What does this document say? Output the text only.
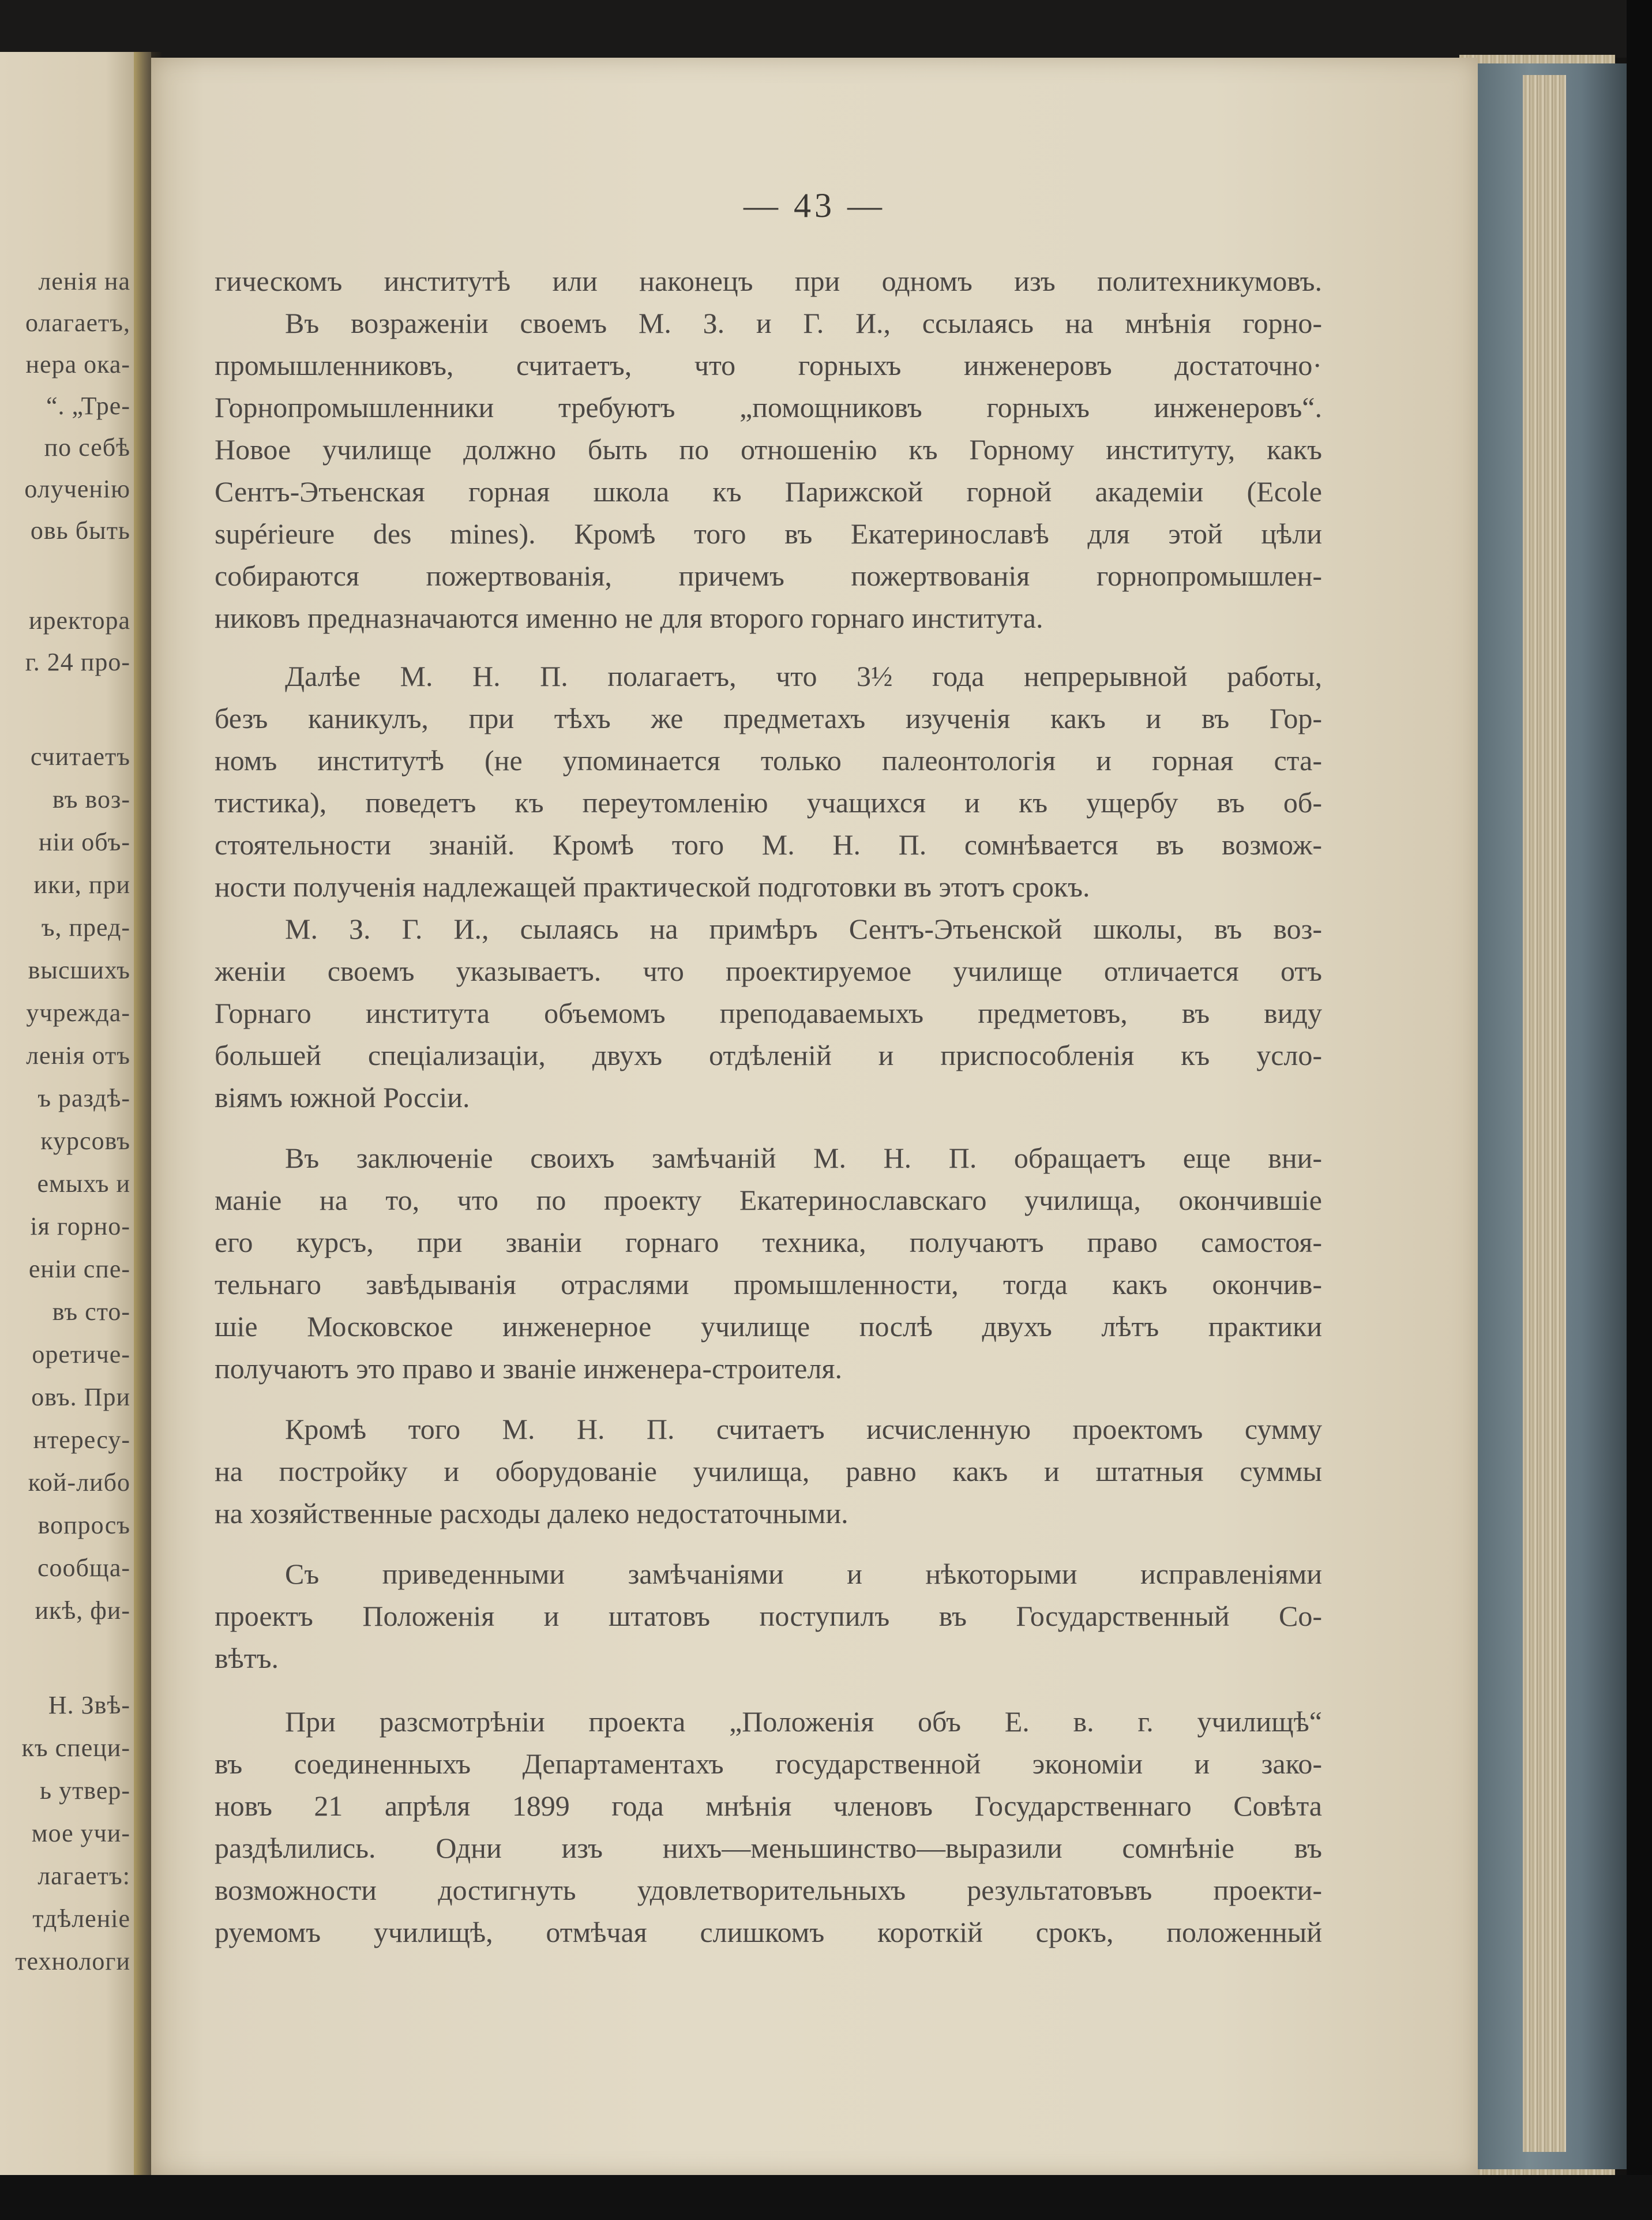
ленія на
олагаетъ,
нера ока-
“. „Тре-
по себѣ
олученію
овь быть
иректора
г. 24 про-
считаетъ
въ воз-
ніи объ-
ики, при
ъ, пред-
высшихъ
учрежда-
ленія отъ
ъ раздѣ-
курсовъ
емыхъ и
ія горно-
еніи спе-
въ сто-
оретиче-
овъ. При
нтересу-
кой-либо
вопросъ
сообща-
икѣ, фи-
Н. Звѣ-
къ специ-
ь утвер-
мое учи-
лагаетъ:
тдѣленіе
технологи
— 43 —
гическомъ институтѣ или наконецъ при одномъ изъ политехникумовъ.
Въ возраженіи своемъ М. З. и Г. И., ссылаясь на мнѣнія горно-
промышленниковъ, считаетъ, что горныхъ инженеровъ достаточно·
Горнопромышленники требуютъ „помощниковъ горныхъ инженеровъ“.
Новое училище должно быть по отношенію къ Горному институту, какъ
Сентъ-Этьенская горная школа къ Парижской горной академіи (Ecole
supérieure des mines). Кромѣ того въ Екатеринославѣ для этой цѣли
собираются пожертвованія, причемъ пожертвованія горнопромышлен-
никовъ предназначаются именно не для второго горнаго института.
Далѣе М. Н. П. полагаетъ, что 3½ года непрерывной работы,
безъ каникулъ, при тѣхъ же предметахъ изученія какъ и въ Гор-
номъ институтѣ (не упоминается только палеонтологія и горная ста-
тистика), поведетъ къ переутомленію учащихся и къ ущербу въ об-
стоятельности знаній. Кромѣ того М. Н. П. сомнѣвается въ возмож-
ности полученія надлежащей практической подготовки въ этотъ срокъ.
М. З. Г. И., сылаясь на примѣръ Сентъ-Этьенской школы, въ воз-
женіи своемъ указываетъ. что проектируемое училище отличается отъ
Горнаго института объемомъ преподаваемыхъ предметовъ, въ виду
большей спеціализаціи, двухъ отдѣленій и приспособленія къ усло-
віямъ южной Россіи.
Въ заключеніе своихъ замѣчаній М. Н. П. обращаетъ еще вни-
маніе на то, что по проекту Екатеринославскаго училища, окончившіе
его курсъ, при званіи горнаго техника, получаютъ право самостоя-
тельнаго завѣдыванія отраслями промышленности, тогда какъ окончив-
шіе Московское инженерное училище послѣ двухъ лѣтъ практики
получаютъ это право и званіе инженера-строителя.
Кромѣ того М. Н. П. считаетъ исчисленную проектомъ сумму
на постройку и оборудованіе училища, равно какъ и штатныя суммы
на хозяйственные расходы далеко недостаточными.
Съ приведенными замѣчаніями и нѣкоторыми исправленіями
проектъ Положенія и штатовъ поступилъ въ Государственный Со-
вѣтъ.
При разсмотрѣніи проекта „Положенія объ Е. в. г. училищѣ“
въ соединенныхъ Департаментахъ государственной экономіи и зако-
новъ 21 апрѣля 1899 года мнѣнія членовъ Государственнаго Совѣта
раздѣлились. Одни изъ нихъ—меньшинство—выразили сомнѣніе въ
возможности достигнуть удовлетворительныхъ результатовъвъ проекти-
руемомъ училищѣ, отмѣчая слишкомъ короткій срокъ, положенный
